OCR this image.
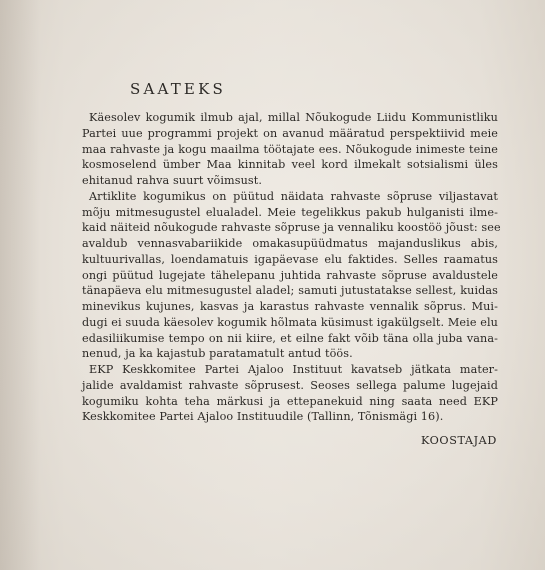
SAATEKS
Käesolev kogumik ilmub ajal, millal Nõukogude Liidu Kommunistliku
Partei uue programmi projekt on avanud määratud perspektiivid meie
maa rahvaste ja kogu maailma töötajate ees. Nõukogude inimeste teine
kosmoselend ümber Maa kinnitab veel kord ilmekalt sotsialismi üles
ehitanud rahva suurt võimsust.
Artiklite kogumikus on püütud näidata rahvaste sõpruse viljastavat
mõju mitmesugustel elualadel. Meie tegelikkus pakub hulganisti ilme-
kaid näiteid nõukogude rahvaste sõpruse ja vennaliku koostöö jõust: see
avaldub vennasvabariikide omakasupüüdmatus majanduslikus abis,
kultuurivallas, loendamatuis igapäevase elu faktides. Selles raamatus
ongi püütud lugejate tähelepanu juhtida rahvaste sõpruse avaldustele
tänapäeva elu mitmesugustel aladel; samuti jutustatakse sellest, kuidas
minevikus kujunes, kasvas ja karastus rahvaste vennalik sõprus. Mui-
dugi ei suuda käesolev kogumik hõlmata küsimust igakülgselt. Meie elu
edasiliikumise tempo on nii kiire, et eilne fakt võib täna olla juba vana-
nenud, ja ka kajastub paratamatult antud töös.
EKP Keskkomitee Partei Ajaloo Instituut kavatseb jätkata mater-
jalide avaldamist rahvaste sõprusest. Seoses sellega palume lugejaid
kogumiku kohta teha märkusi ja ettepanekuid ning saata need EKP
Keskkomitee Partei Ajaloo Instituudile (Tallinn, Tõnismägi 16).
KOOSTAJAD
